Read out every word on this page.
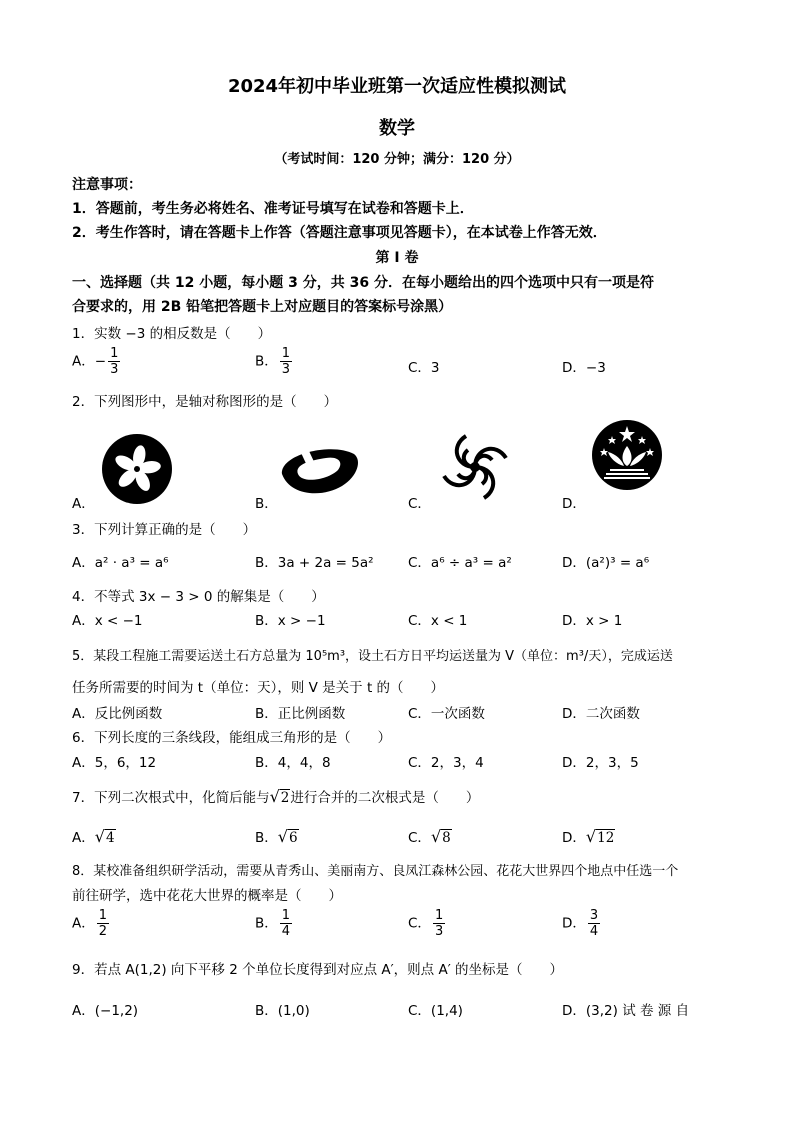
2024年初中毕业班第一次适应性模拟测试
数学
（考试时间：120 分钟；满分：120 分）
注意事项：
1．答题前，考生务必将姓名、准考证号填写在试卷和答题卡上．
2．考生作答时，请在答题卡上作答（答题注意事项见答题卡），在本试卷上作答无效．
第 I 卷
一、选择题（共 12 小题，每小题 3 分，共 36 分．在每小题给出的四个选项中只有一项是符
合要求的，用 2B 铅笔把答题卡上对应题目的答案标号涂黑）
1．实数 −3 的相反数是（　　）
A．− $\frac{1}{3}$	B． $\frac{1}{3}$	C．3	D．−3
2．下列图形中，是轴对称图形的是（　　）
A．	B．	C．	D．
3．下列计算正确的是（　　）
A．a² · a³ = a⁶	B．3a + 2a = 5a²	C．a⁶ ÷ a³ = a²	D．(a²)³ = a⁶
4．不等式 3x − 3 > 0 的解集是（　　）
A．x < −1	B．x > −1	C．x < 1	D．x > 1
5．某段工程施工需要运送土石方总量为 10⁵m³，设土石方日平均运送量为 V（单位：m³/天），完成运送
任务所需要的时间为 t（单位：天），则 V 是关于 t 的（　　）
A．反比例函数	B．正比例函数	C．一次函数	D．二次函数
6．下列长度的三条线段，能组成三角形的是（　　）
A．5，6，12	B．4，4，8	C．2，3，4	D．2，3，5
7．下列二次根式中，化简后能与√2进行合并的二次根式是（　　）
A．√4	B．√6	C．√8	D．√12
8．某校准备组织研学活动，需要从青秀山、美丽南方、良凤江森林公园、花花大世界四个地点中任选一个
前往研学，选中花花大世界的概率是（　　）
A． $\frac{1}{2}$	B． $\frac{1}{4}$	C． $\frac{1}{3}$	D． $\frac{3}{4}$
9．若点 A(1,2) 向下平移 2 个单位长度得到对应点 A′，则点 A′ 的坐标是（　　）
A．(−1,2)	B．(1,0)	C．(1,4)	D．(3,2) 试 卷 源 自
